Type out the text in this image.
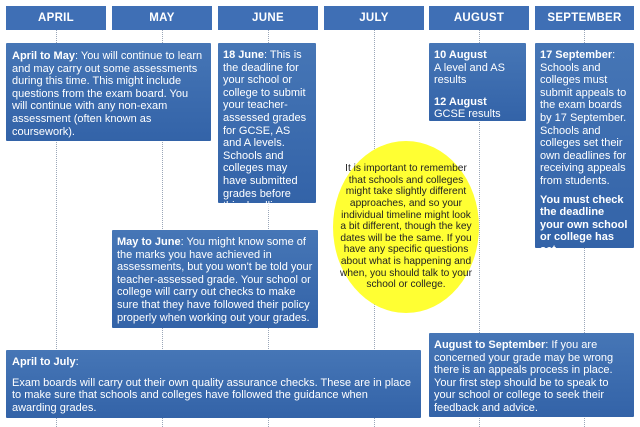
APRIL	MAY	JUNE	JULY	AUGUST	SEPTEMBER
April to May: You will continue to learn and may carry out some assessments during this time. This might include questions from the exam board. You will continue with any non-exam assessment (often known as coursework).
18 June: This is the deadline for your school or college to submit your teacher-assessed grades for GCSE, AS and A levels. Schools and colleges may have submitted grades before this deadline.
10 August
A level and AS results
12 August
GCSE results
17 September: Schools and colleges must submit appeals to the exam boards by 17 September. Schools and colleges set their own deadlines for receiving appeals from students.
You must check the deadline your own school or college has set.
May to June: You might know some of the marks you have achieved in assessments, but you won't be told your teacher-assessed grade. Your school or college will carry out checks to make sure that they have followed their policy properly when working out your grades.
It is important to remember that schools and colleges might take slightly different approaches, and so your individual timeline might look a bit different, though the key dates will be the same. If you have any specific questions about what is happening and when, you should talk to your school or college.
April to July:
Exam boards will carry out their own quality assurance checks. These are in place to make sure that schools and colleges have followed the guidance when awarding grades.
August to September: If you are concerned your grade may be wrong there is an appeals process in place. Your first step should be to speak to your school or college to seek their feedback and advice.
